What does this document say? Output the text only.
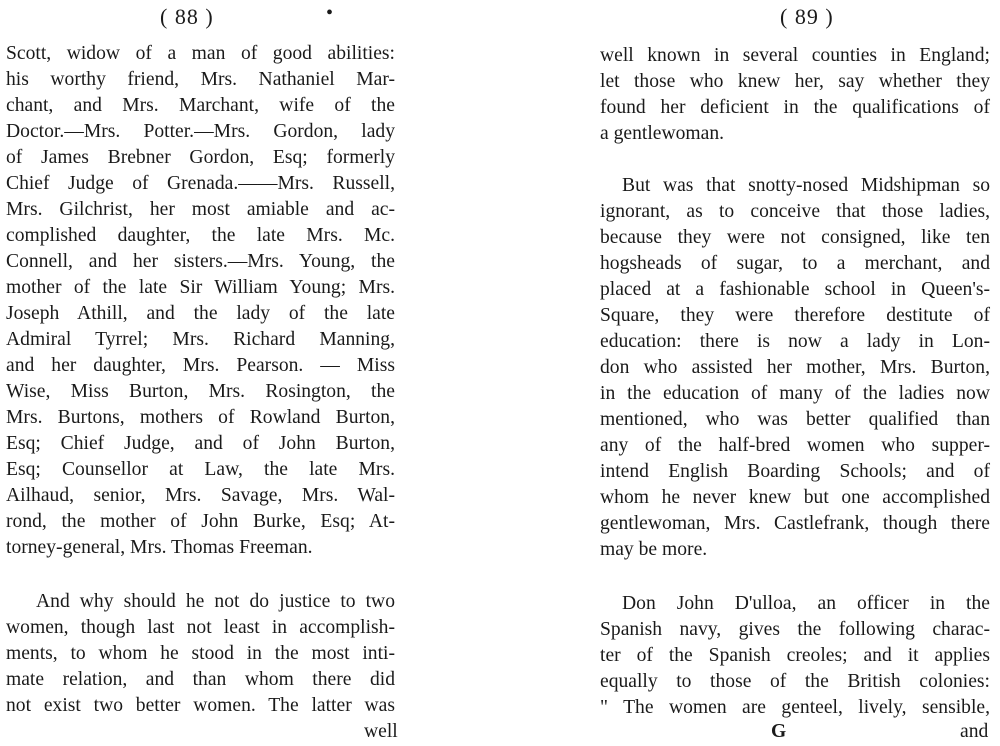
( 88 )	•
Scott, widow of a man of good abilities:
his worthy friend, Mrs. Nathaniel Mar-
chant, and Mrs. Marchant, wife of the
Doctor.—Mrs. Potter.—Mrs. Gordon, lady
of James Brebner Gordon, Esq; formerly
Chief Judge of Grenada.——Mrs. Russell,
Mrs. Gilchrist, her most amiable and ac-
complished daughter, the late Mrs. Mc.
Connell, and her sisters.—Mrs. Young, the
mother of the late Sir William Young; Mrs.
Joseph Athill, and the lady of the late
Admiral Tyrrel; Mrs. Richard Manning,
and her daughter, Mrs. Pearson. — Miss
Wise, Miss Burton, Mrs. Rosington, the
Mrs. Burtons, mothers of Rowland Burton,
Esq; Chief Judge, and of John Burton,
Esq; Counsellor at Law, the late Mrs.
Ailhaud, senior, Mrs. Savage, Mrs. Wal-
rond, the mother of John Burke, Esq; At-
torney-general, Mrs. Thomas Freeman.
And why should he not do justice to two
women, though last not least in accomplish-
ments, to whom he stood in the most inti-
mate relation, and than whom there did
not exist two better women. The latter was
well
( 89 )
well known in several counties in England;
let those who knew her, say whether they
found her deficient in the qualifications of
a gentlewoman.
But was that snotty-nosed Midshipman so
ignorant, as to conceive that those ladies,
because they were not consigned, like ten
hogsheads of sugar, to a merchant, and
placed at a fashionable school in Queen's-
Square, they were therefore destitute of
education: there is now a lady in Lon-
don who assisted her mother, Mrs. Burton,
in the education of many of the ladies now
mentioned, who was better qualified than
any of the half-bred women who supper-
intend English Boarding Schools; and of
whom he never knew but one accomplished
gentlewoman, Mrs. Castlefrank, though there
may be more.
Don John D'ulloa, an officer in the
Spanish navy, gives the following charac-
ter of the Spanish creoles; and it applies
equally to those of the British colonies:
" The women are genteel, lively, sensible,
G	and
